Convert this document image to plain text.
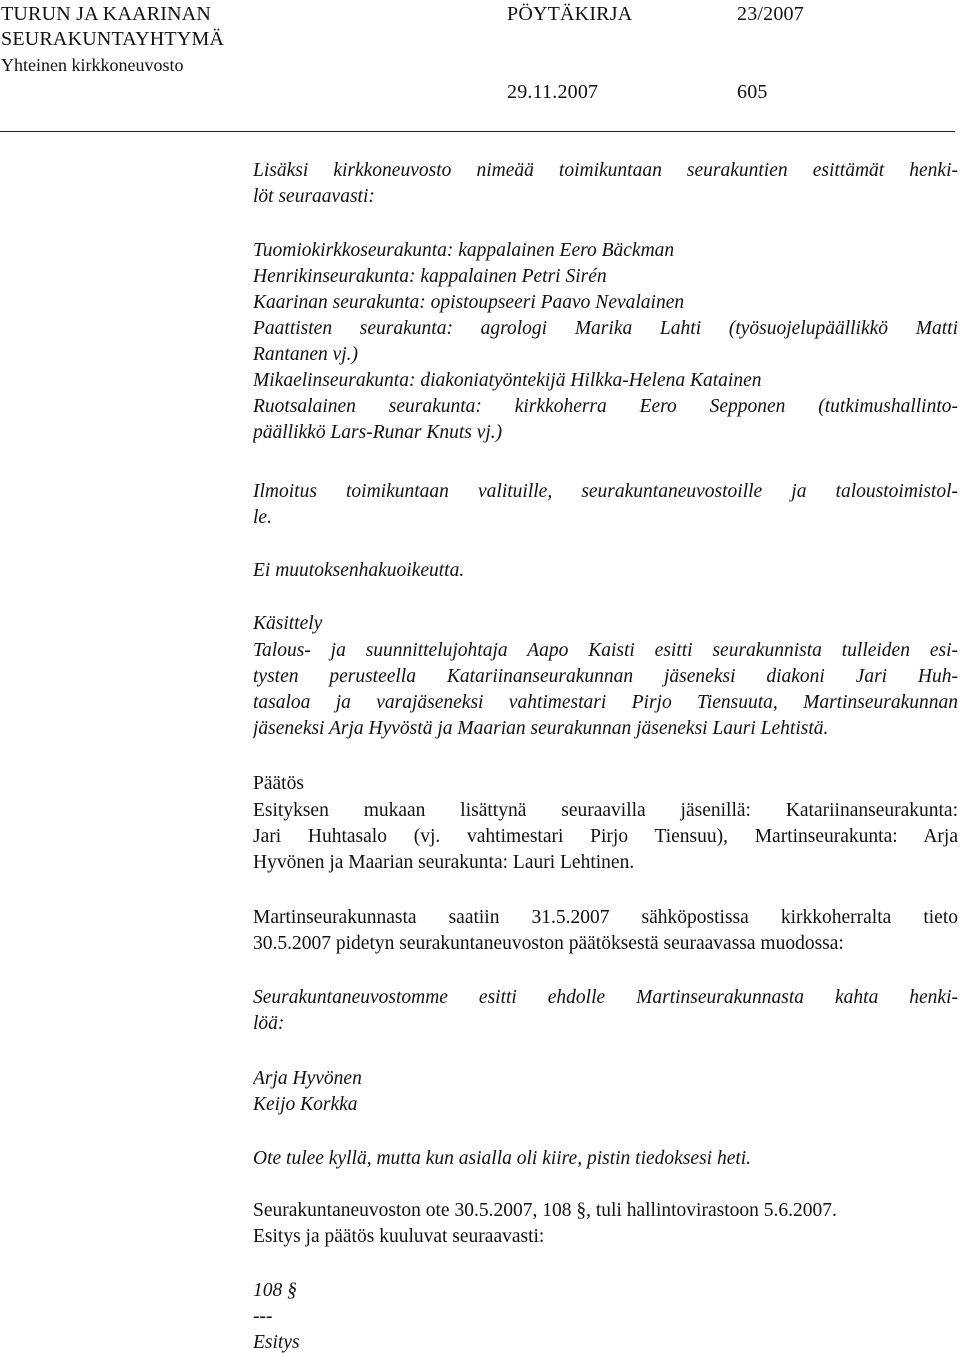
TURUN JA KAARINAN
SEURAKUNTAYHTYMÄ
Yhteinen kirkkoneuvosto
PÖYTÄKIRJA	23/2007
29.11.2007	605
Lisäksi kirkkoneuvosto nimeää toimikuntaan seurakuntien esittämät henki-
löt seuraavasti:
Tuomiokirkkoseurakunta: kappalainen Eero Bäckman
Henrikinseurakunta: kappalainen Petri Sirén
Kaarinan seurakunta: opistoupseeri Paavo Nevalainen
Paattisten seurakunta: agrologi Marika Lahti (työsuojelupäällikkö Matti
Rantanen vj.)
Mikaelinseurakunta: diakoniatyöntekijä Hilkka-Helena Katainen
Ruotsalainen seurakunta: kirkkoherra Eero Sepponen (tutkimushallinto-
päällikkö Lars-Runar Knuts vj.)
Ilmoitus toimikuntaan valituille, seurakuntaneuvostoille ja taloustoimistol-
le.
Ei muutoksenhakuoikeutta.
Käsittely
Talous- ja suunnittelujohtaja Aapo Kaisti esitti seurakunnista tulleiden esi-
tysten perusteella Katariinanseurakunnan jäseneksi diakoni Jari Huh-
tasaloa ja varajäseneksi vahtimestari Pirjo Tiensuuta, Martinseurakunnan
jäseneksi Arja Hyvöstä ja Maarian seurakunnan jäseneksi Lauri Lehtistä.
Päätös
Esityksen mukaan lisättynä seuraavilla jäsenillä: Katariinanseurakunta:
Jari Huhtasalo (vj. vahtimestari Pirjo Tiensuu), Martinseurakunta: Arja
Hyvönen ja Maarian seurakunta: Lauri Lehtinen.
Martinseurakunnasta saatiin 31.5.2007 sähköpostissa kirkkoherralta tieto
30.5.2007 pidetyn seurakuntaneuvoston päätöksestä seuraavassa muodossa:
Seurakuntaneuvostomme esitti ehdolle Martinseurakunnasta kahta henki-
löä:
Arja Hyvönen
Keijo Korkka
Ote tulee kyllä, mutta kun asialla oli kiire, pistin tiedoksesi heti.
Seurakuntaneuvoston ote 30.5.2007, 108 §, tuli hallintovirastoon 5.6.2007.
Esitys ja päätös kuuluvat seuraavasti:
108 §
---
Esitys
